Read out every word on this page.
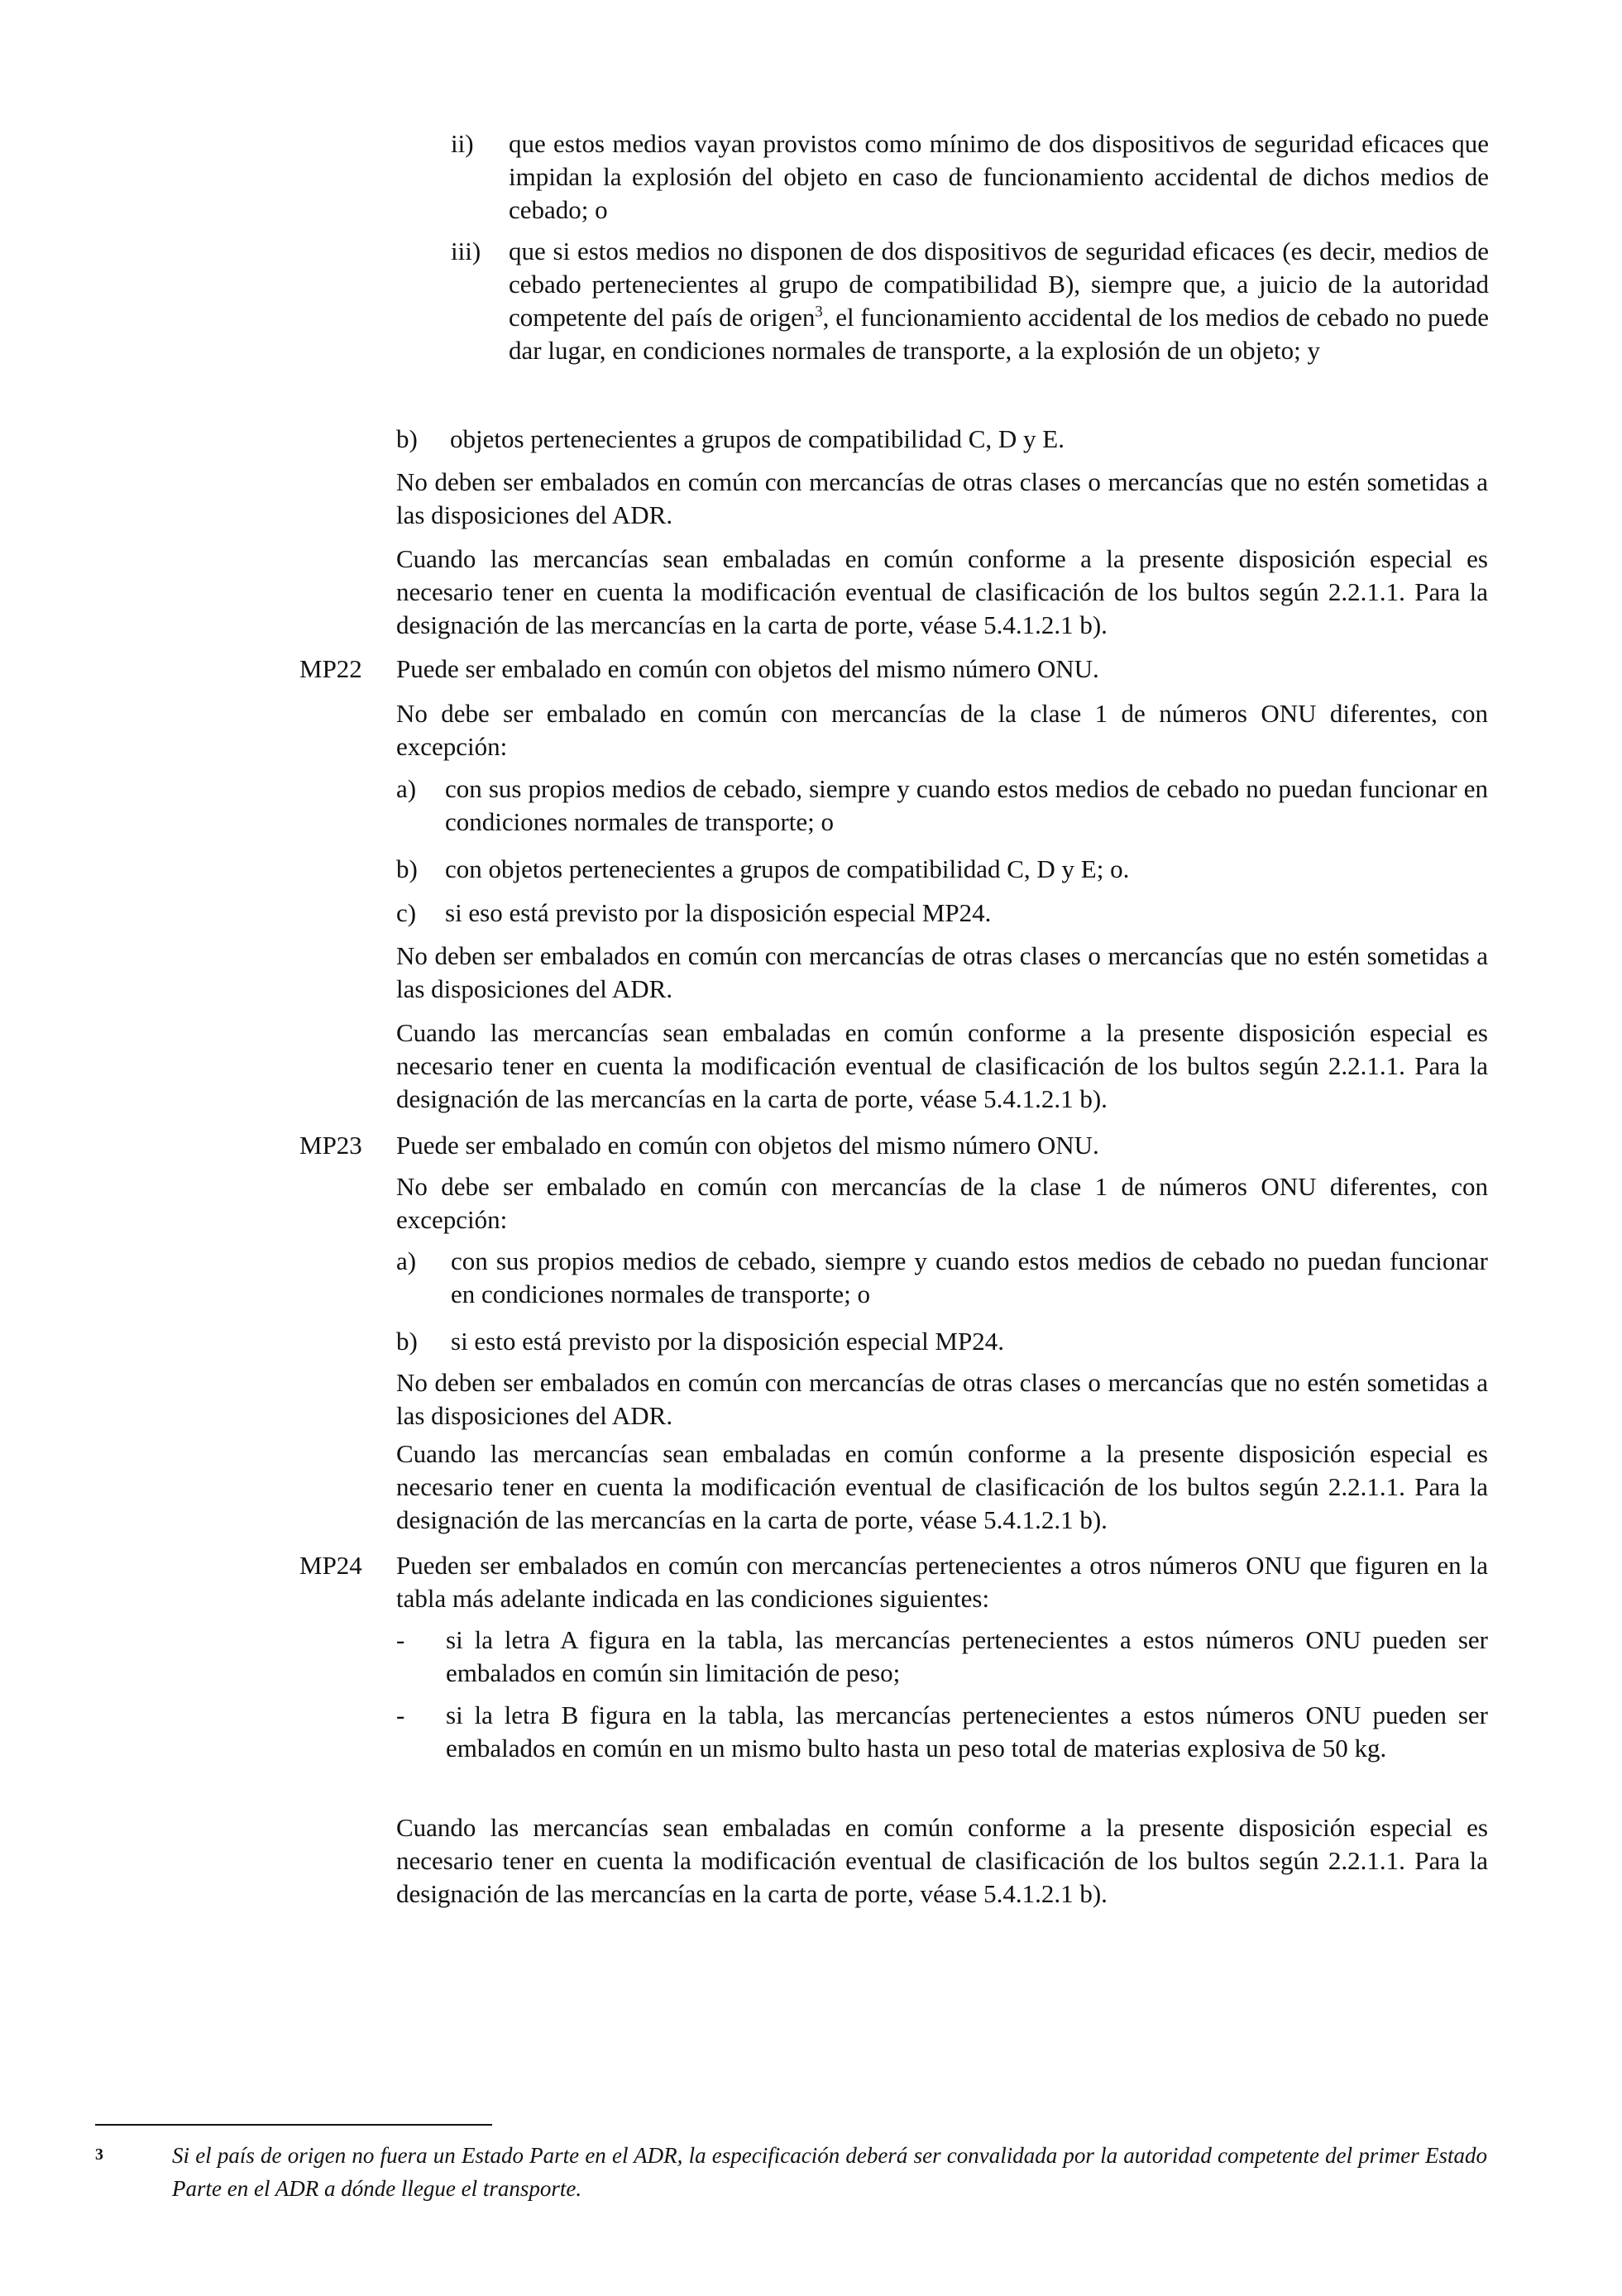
ii) que estos medios vayan provistos como mínimo de dos dispositivos de seguridad eficaces que impidan la explosión del objeto en caso de funcionamiento accidental de dichos medios de cebado; o
iii) que si estos medios no disponen de dos dispositivos de seguridad eficaces (es decir, medios de cebado pertenecientes al grupo de compatibilidad B), siempre que, a juicio de la autoridad competente del país de origen$^3$, el funcionamiento accidental de los medios de cebado no puede dar lugar, en condiciones normales de transporte, a la explosión de un objeto; y
b) objetos pertenecientes a grupos de compatibilidad C, D y E.
No deben ser embalados en común con mercancías de otras clases o mercancías que no estén sometidas a las disposiciones del ADR.
Cuando las mercancías sean embaladas en común conforme a la presente disposición especial es necesario tener en cuenta la modificación eventual de clasificación de los bultos según 2.2.1.1. Para la designación de las mercancías en la carta de porte, véase 5.4.1.2.1 b).
MP22 Puede ser embalado en común con objetos del mismo número ONU.
No debe ser embalado en común con mercancías de la clase 1 de números ONU diferentes, con excepción:
a) con sus propios medios de cebado, siempre y cuando estos medios de cebado no puedan funcionar en condiciones normales de transporte; o
b) con objetos pertenecientes a grupos de compatibilidad C, D y E; o.
c) si eso está previsto por la disposición especial MP24.
No deben ser embalados en común con mercancías de otras clases o mercancías que no estén sometidas a las disposiciones del ADR.
Cuando las mercancías sean embaladas en común conforme a la presente disposición especial es necesario tener en cuenta la modificación eventual de clasificación de los bultos según 2.2.1.1. Para la designación de las mercancías en la carta de porte, véase 5.4.1.2.1 b).
MP23 Puede ser embalado en común con objetos del mismo número ONU.
No debe ser embalado en común con mercancías de la clase 1 de números ONU diferentes, con excepción:
a) con sus propios medios de cebado, siempre y cuando estos medios de cebado no puedan funcionar en condiciones normales de transporte; o
b) si esto está previsto por la disposición especial MP24.
No deben ser embalados en común con mercancías de otras clases o mercancías que no estén sometidas a las disposiciones del ADR.
Cuando las mercancías sean embaladas en común conforme a la presente disposición especial es necesario tener en cuenta la modificación eventual de clasificación de los bultos según 2.2.1.1. Para la designación de las mercancías en la carta de porte, véase 5.4.1.2.1 b).
MP24 Pueden ser embalados en común con mercancías pertenecientes a otros números ONU que figuren en la tabla más adelante indicada en las condiciones siguientes:
- si la letra A figura en la tabla, las mercancías pertenecientes a estos números ONU pueden ser embalados en común sin limitación de peso;
- si la letra B figura en la tabla, las mercancías pertenecientes a estos números ONU pueden ser embalados en común en un mismo bulto hasta un peso total de materias explosiva de 50 kg.
Cuando las mercancías sean embaladas en común conforme a la presente disposición especial es necesario tener en cuenta la modificación eventual de clasificación de los bultos según 2.2.1.1. Para la designación de las mercancías en la carta de porte, véase 5.4.1.2.1 b).
3	Si el país de origen no fuera un Estado Parte en el ADR, la especificación deberá ser convalidada por la autoridad competente del primer Estado Parte en el ADR a dónde llegue el transporte.
